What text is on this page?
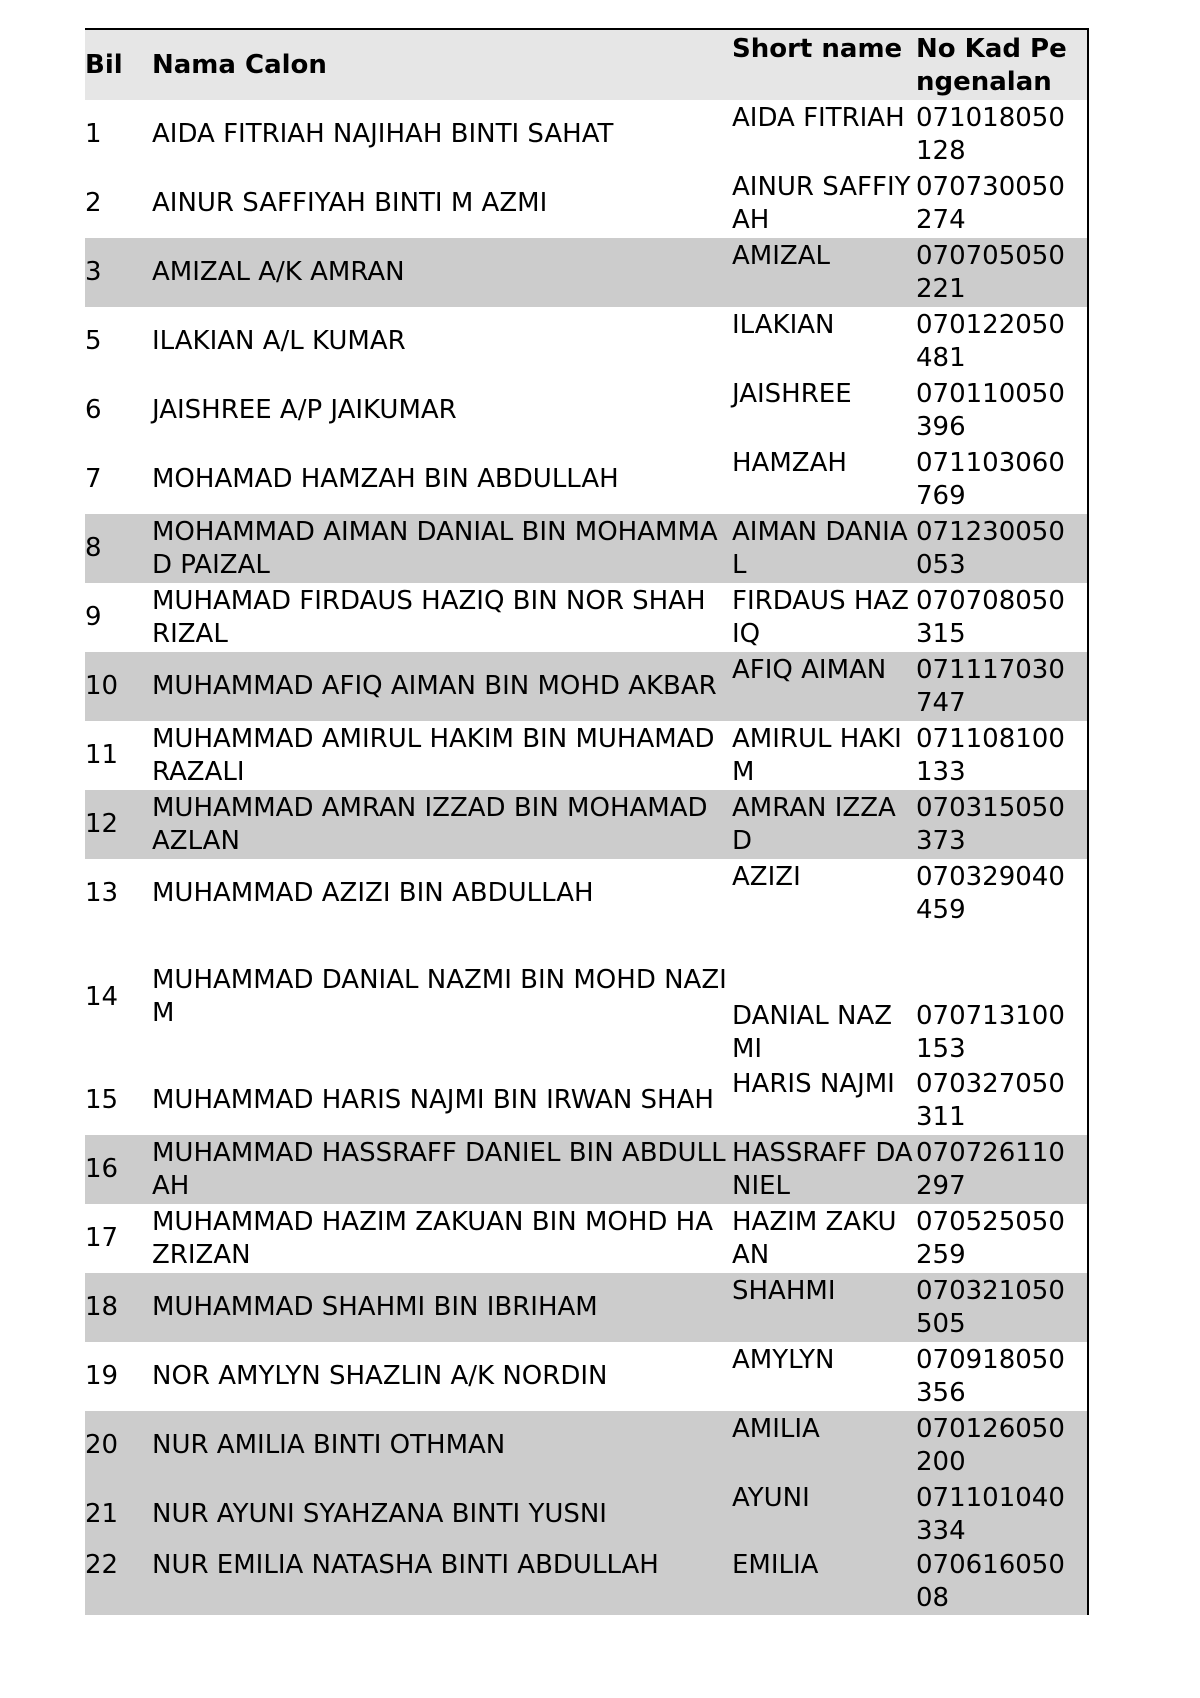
Bil	Nama Calon	Short name	No Kad Pengenalan
1	AIDA FITRIAH NAJIHAH BINTI SAHAT	AIDA FITRIAH	071018050128
2	AINUR SAFFIYAH BINTI M AZMI	AINUR SAFFIYAH	070730050274
3	AMIZAL A/K AMRAN	AMIZAL	070705050221
5	ILAKIAN A/L KUMAR	ILAKIAN	070122050481
6	JAISHREE A/P JAIKUMAR	JAISHREE	070110050396
7	MOHAMAD HAMZAH BIN ABDULLAH	HAMZAH	071103060769
8	MOHAMMAD AIMAN DANIAL BIN MOHAMMAD PAIZAL	AIMAN DANIAL	071230050053
9	MUHAMAD FIRDAUS HAZIQ BIN NOR SHAH RIZAL	FIRDAUS HAZIQ	070708050315
10	MUHAMMAD AFIQ AIMAN BIN MOHD AKBAR	AFIQ AIMAN	071117030747
11	MUHAMMAD AMIRUL HAKIM BIN MUHAMAD RAZALI	AMIRUL HAKIM	071108100133
12	MUHAMMAD AMRAN IZZAD BIN MOHAMAD AZLAN	AMRAN IZZAD	070315050373
13	MUHAMMAD AZIZI BIN ABDULLAH	AZIZI	070329040459
14	MUHAMMAD DANIAL NAZMI BIN MOHD NAZIM	DANIAL NAZMI	070713100153
15	MUHAMMAD HARIS NAJMI BIN IRWAN SHAH	HARIS NAJMI	070327050311
16	MUHAMMAD HASSRAFF DANIEL BIN ABDULLAH	HASSRAFF DANIEL	070726110297
17	MUHAMMAD HAZIM ZAKUAN BIN MOHD HAZRIZAN	HAZIM ZAKUAN	070525050259
18	MUHAMMAD SHAHMI BIN IBRIHAM	SHAHMI	070321050505
19	NOR AMYLYN SHAZLIN A/K NORDIN	AMYLYN	070918050356
20	NUR AMILIA BINTI OTHMAN	AMILIA	070126050200
21	NUR AYUNI SYAHZANA BINTI YUSNI	AYUNI	071101040334
22	NUR EMILIA NATASHA BINTI ABDULLAH	EMILIA	07061605008
